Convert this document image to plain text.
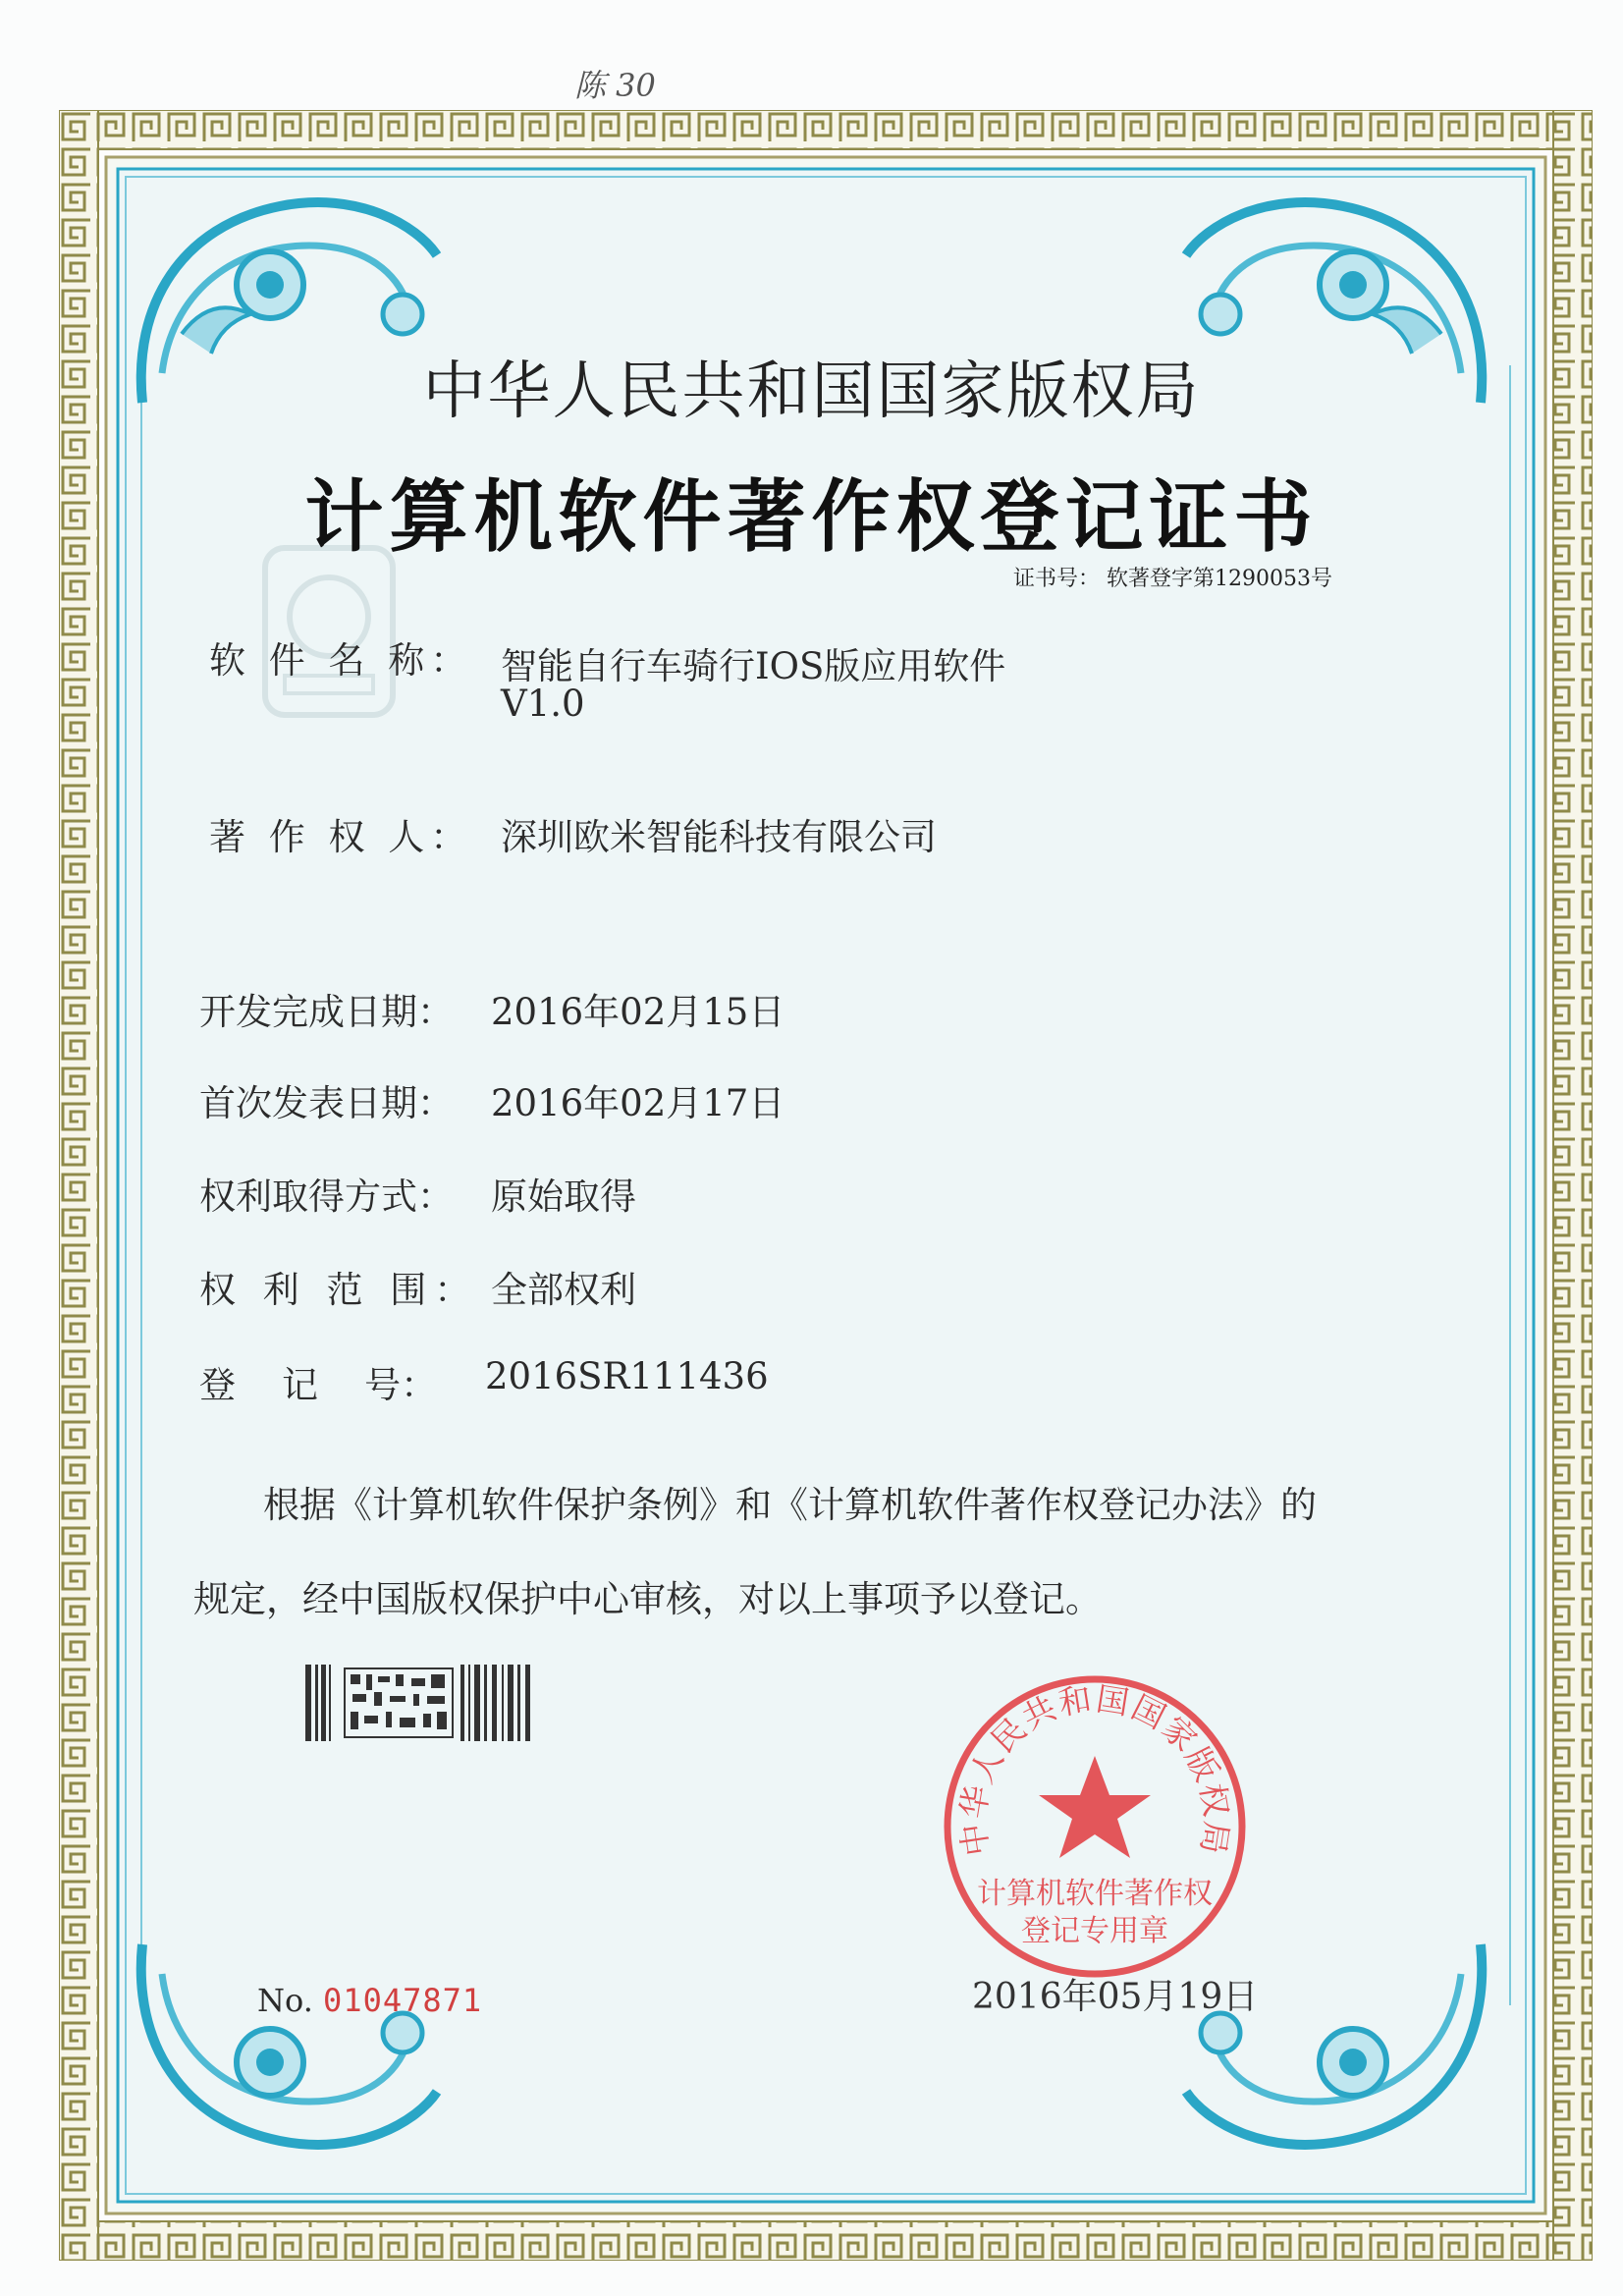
陈 30
中华人民共和国国家版权局
计算机软件著作权登记证书
证书号： 软著登字第1290053号
软 件 名 称： 智能自行车骑行IOS版应用软件
V1.0
著 作 权 人： 深圳欧米智能科技有限公司
开发完成日期： 2016年02月15日
首次发表日期： 2016年02月17日
权利取得方式： 原始取得
权 利 范 围： 全部权利
登    记    号： 2016SR111436
根据《计算机软件保护条例》和《计算机软件著作权登记办法》的
规定，经中国版权保护中心审核，对以上事项予以登记。
No. 01047871
中华人民共和国国家版权局
计算机软件著作权
登记专用章
2016年05月19日
